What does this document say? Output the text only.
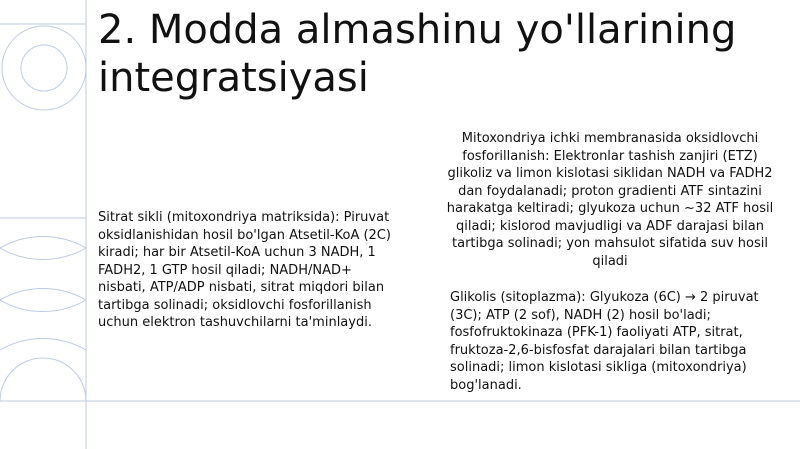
2. Modda almashinu yo'llarining integratsiyasi

Sitrat sikli (mitoxondriya matriksida): Piruvat oksidlanishidan hosil bo'lgan Atsetil-KoA (2C) kiradi; har bir Atsetil-KoA uchun 3 NADH, 1 FADH2, 1 GTP hosil qiladi; NADH/NAD+ nisbati, ATP/ADP nisbati, sitrat miqdori bilan tartibga solinadi; oksidlovchi fosforillanish uchun elektron tashuvchilarni ta'minlaydi.

Mitoxondriya ichki membranasida oksidlovchi fosforillanish: Elektronlar tashish zanjiri (ETZ) glikoliz va limon kislotasi siklidan NADH va FADH2 dan foydalanadi; proton gradienti ATF sintazini harakatga keltiradi; glyukoza uchun ~32 ATF hosil qiladi; kislorod mavjudligi va ADF darajasi bilan tartibga solinadi; yon mahsulot sifatida suv hosil qiladi

Glikolis (sitoplazma): Glyukoza (6C) → 2 piruvat (3C); ATP (2 sof), NADH (2) hosil bo'ladi; fosfofruktokinaza (PFK-1) faoliyati ATP, sitrat, fruktoza-2,6-bisfosfat darajalari bilan tartibga solinadi; limon kislotasi sikliga (mitoxondriya) bog'lanadi.
